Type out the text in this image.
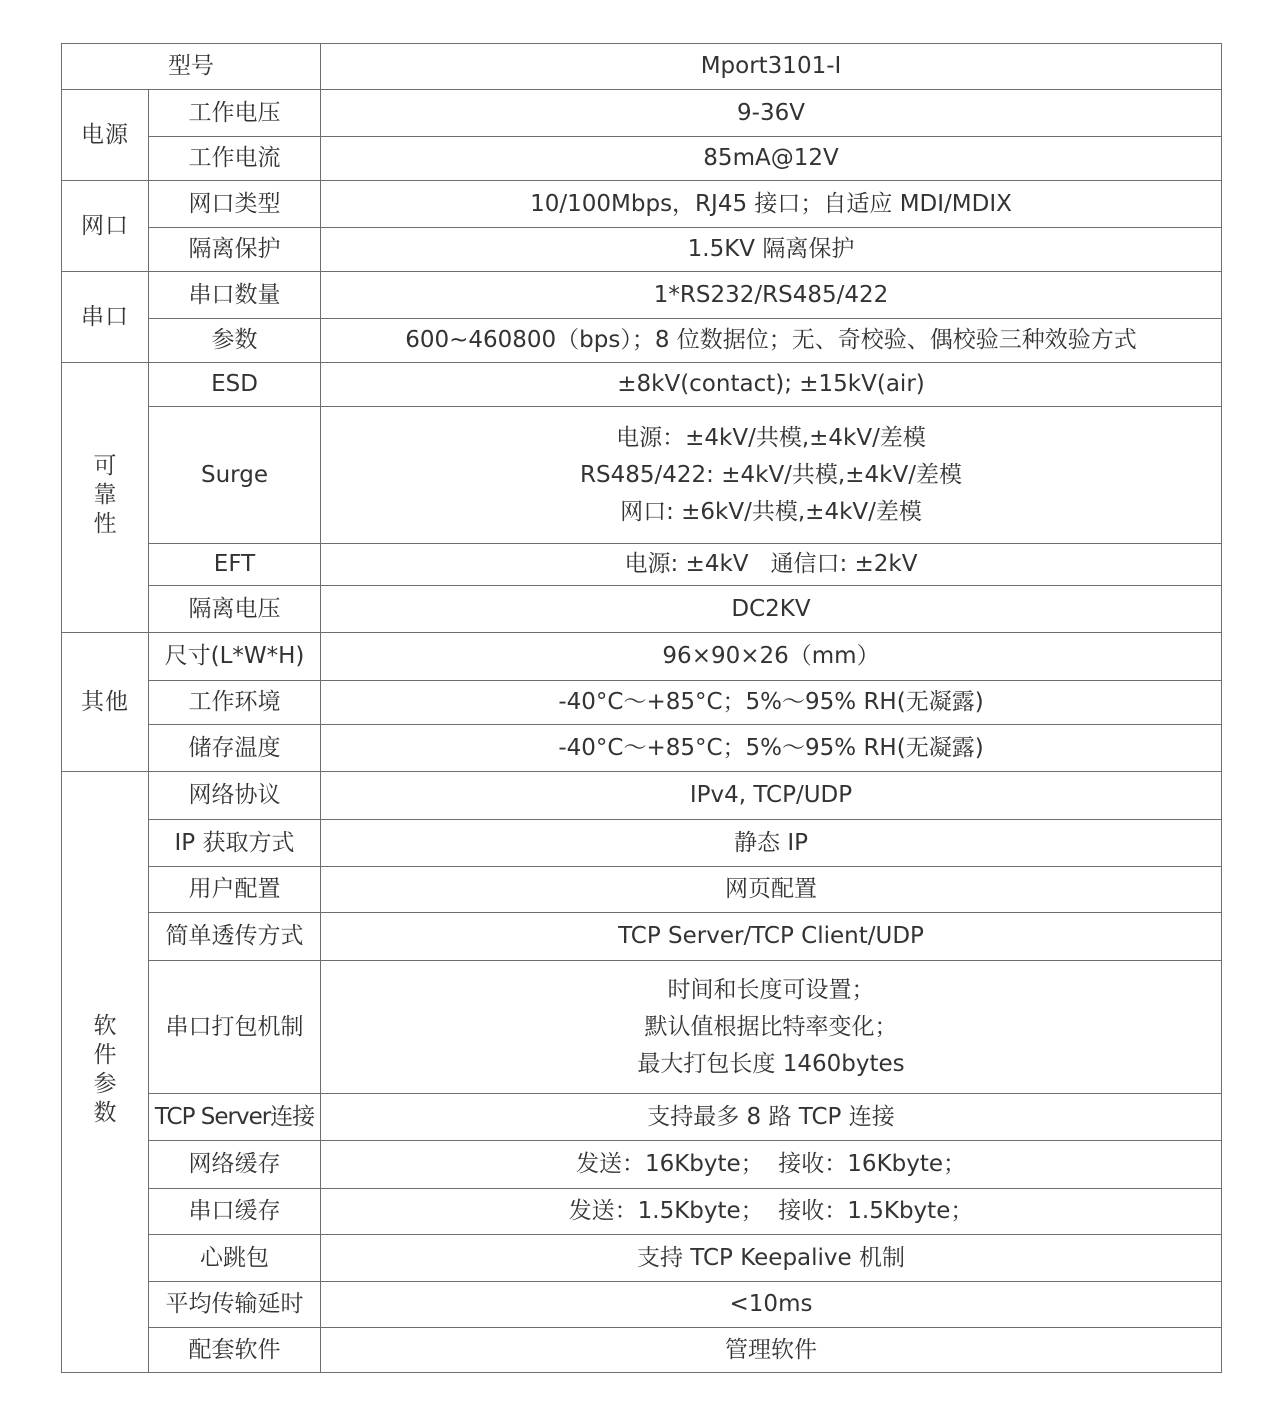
型号		Mport3101-I
电源	工作电压	9-36V
	工作电流	85mA@12V
网口	网口类型	10/100Mbps，RJ45 接口；自适应 MDI/MDIX
	隔离保护	1.5KV 隔离保护
串口	串口数量	1*RS232/RS485/422
	参数	600~460800（bps）；8 位数据位；无、奇校验、偶校验三种效验方式
可靠性	ESD	±8kV(contact); ±15kV(air)
	Surge	电源：±4kV/共模,±4kV/差模
RS485/422: ±4kV/共模,±4kV/差模
网口: ±6kV/共模,±4kV/差模

	EFT	电源: ±4kV   通信口: ±2kV
	隔离电压	DC2KV
其他	尺寸(L*W*H)	96×90×26（mm）
	工作环境	-40°C～+85°C；5%～95% RH(无凝露)
	储存温度	-40°C～+85°C；5%～95% RH(无凝露)
软件参数	网络协议	IPv4, TCP/UDP
	IP 获取方式	静态 IP
	用户配置	网页配置
	简单透传方式	TCP Server/TCP Client/UDP
	串口打包机制	时间和长度可设置；
默认值根据比特率变化；
最大打包长度 1460bytes

	TCP Server连接	支持最多 8 路 TCP 连接
	网络缓存	发送：16Kbyte；  接收：16Kbyte；
	串口缓存	发送：1.5Kbyte；  接收：1.5Kbyte；
	心跳包	支持 TCP Keepalive 机制
	平均传输延时	<10ms
	配套软件	管理软件
